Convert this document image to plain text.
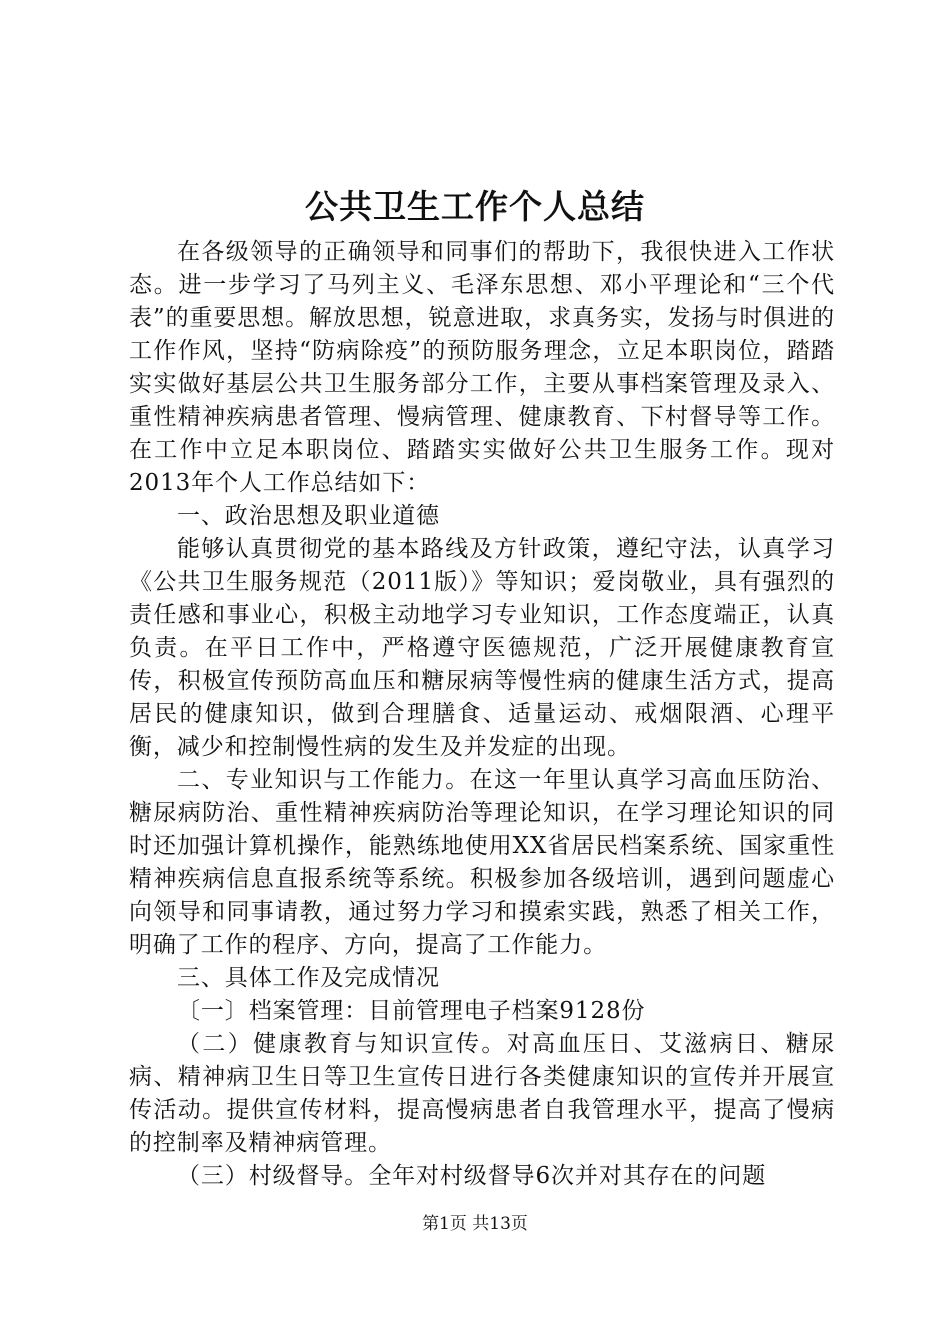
公共卫生工作个人总结

在各级领导的正确领导和同事们的帮助下，我很快进入工作状态。进一步学习了马列主义、毛泽东思想、邓小平理论和“三个代表”的重要思想。解放思想，锐意进取，求真务实，发扬与时俱进的工作作风，坚持“防病除疫”的预防服务理念，立足本职岗位，踏踏实实做好基层公共卫生服务部分工作，主要从事档案管理及录入、重性精神疾病患者管理、慢病管理、健康教育、下村督导等工作。在工作中立足本职岗位、踏踏实实做好公共卫生服务工作。现对2013年个人工作总结如下：

一、政治思想及职业道德

能够认真贯彻党的基本路线及方针政策，遵纪守法，认真学习《公共卫生服务规范（2011版）》等知识；爱岗敬业，具有强烈的责任感和事业心，积极主动地学习专业知识，工作态度端正，认真负责。在平日工作中，严格遵守医德规范，广泛开展健康教育宣传，积极宣传预防高血压和糖尿病等慢性病的健康生活方式，提高居民的健康知识，做到合理膳食、适量运动、戒烟限酒、心理平衡，减少和控制慢性病的发生及并发症的出现。

二、专业知识与工作能力。在这一年里认真学习高血压防治、糖尿病防治、重性精神疾病防治等理论知识，在学习理论知识的同时还加强计算机操作，能熟练地使用XX省居民档案系统、国家重性精神疾病信息直报系统等系统。积极参加各级培训，遇到问题虚心向领导和同事请教，通过努力学习和摸索实践，熟悉了相关工作，明确了工作的程序、方向，提高了工作能力。

三、具体工作及完成情况

〔一〕档案管理：目前管理电子档案9128份

（二）健康教育与知识宣传。对高血压日、艾滋病日、糖尿病、精神病卫生日等卫生宣传日进行各类健康知识的宣传并开展宣传活动。提供宣传材料，提高慢病患者自我管理水平，提高了慢病的控制率及精神病管理。

（三）村级督导。全年对村级督导6次并对其存在的问题

第1页 共13页
